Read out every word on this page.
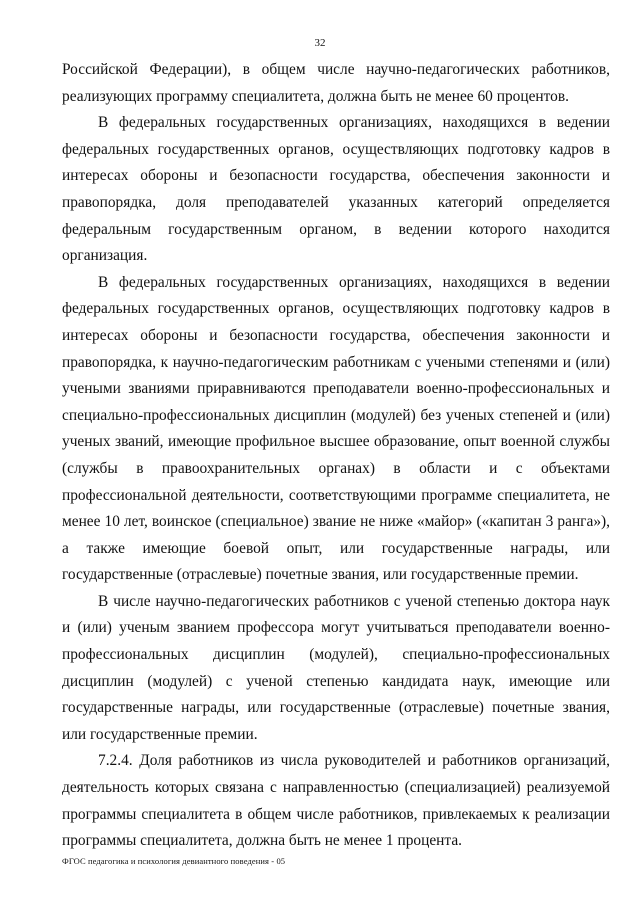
32

Российской Федерации), в общем числе научно-педагогических работников, реализующих программу специалитета, должна быть не менее 60 процентов.

В федеральных государственных организациях, находящихся в ведении федеральных государственных органов, осуществляющих подготовку кадров в интересах обороны и безопасности государства, обеспечения законности и правопорядка, доля преподавателей указанных категорий определяется федеральным государственным органом, в ведении которого находится организация.

В федеральных государственных организациях, находящихся в ведении федеральных государственных органов, осуществляющих подготовку кадров в интересах обороны и безопасности государства, обеспечения законности и правопорядка, к научно-педагогическим работникам с учеными степенями и (или) учеными званиями приравниваются преподаватели военно-профессиональных и специально-профессиональных дисциплин (модулей) без ученых степеней и (или) ученых званий, имеющие профильное высшее образование, опыт военной службы (службы в правоохранительных органах) в области и с объектами профессиональной деятельности, соответствующими программе специалитета, не менее 10 лет, воинское (специальное) звание не ниже «майор» («капитан 3 ранга»), а также имеющие боевой опыт, или государственные награды, или государственные (отраслевые) почетные звания, или государственные премии.

В числе научно-педагогических работников с ученой степенью доктора наук и (или) ученым званием профессора могут учитываться преподаватели военно-профессиональных дисциплин (модулей), специально-профессиональных дисциплин (модулей) с ученой степенью кандидата наук, имеющие или государственные награды, или государственные (отраслевые) почетные звания, или государственные премии.

7.2.4. Доля работников из числа руководителей и работников организаций, деятельность которых связана с направленностью (специализацией) реализуемой программы специалитета в общем числе работников, привлекаемых к реализации программы специалитета, должна быть не менее 1 процента.

ФГОС педагогика и психология девиантного поведения - 05
